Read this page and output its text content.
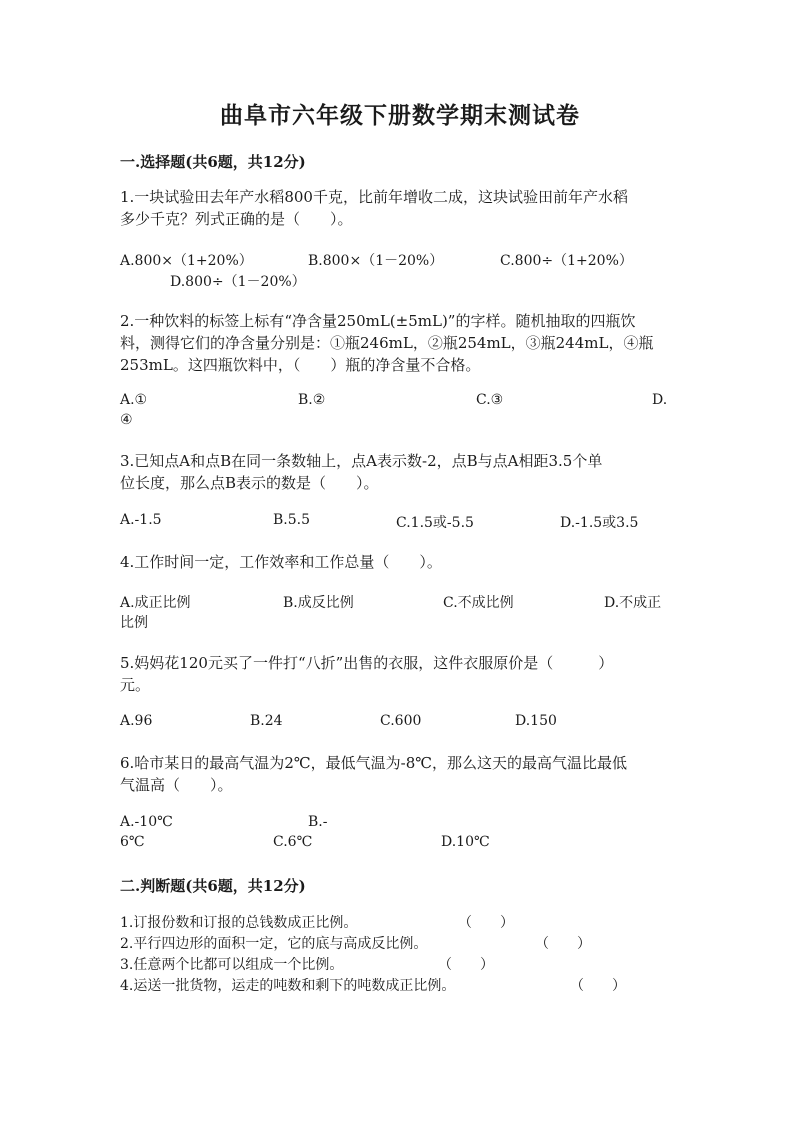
曲阜市六年级下册数学期末测试卷
一.选择题(共6题，共12分)
1.一块试验田去年产水稻800千克，比前年增收二成，这块试验田前年产水稻
多少千克？列式正确的是（　　）。
A.800×（1+20%）	B.800×（1－20%）	C.800÷（1+20%）
D.800÷（1－20%）
2.一种饮料的标签上标有“净含量250mL(±5mL)”的字样。随机抽取的四瓶饮
料，测得它们的净含量分别是：①瓶246mL，②瓶254mL，③瓶244mL，④瓶
253mL。这四瓶饮料中，（　　）瓶的净含量不合格。
A.①	B.②	C.③	D.
④
3.已知点A和点B在同一条数轴上，点A表示数-2，点B与点A相距3.5个单
位长度，那么点B表示的数是（　　）。
A.-1.5	B.5.5	C.1.5或-5.5	D.-1.5或3.5
4.工作时间一定，工作效率和工作总量（　　）。
A.成正比例	B.成反比例	C.不成比例	D.不成正
比例
5.妈妈花120元买了一件打“八折”出售的衣服，这件衣服原价是（　　　）
元。
A.96	B.24	C.600	D.150
6.哈市某日的最高气温为2℃，最低气温为-8℃，那么这天的最高气温比最低
气温高（　　）。
A.-10℃	B.-
6℃	C.6℃	D.10℃
二.判断题(共6题，共12分)
1.订报份数和订报的总钱数成正比例。	（　　）
2.平行四边形的面积一定，它的底与高成反比例。	（　　）
3.任意两个比都可以组成一个比例。	（　　）
4.运送一批货物，运走的吨数和剩下的吨数成正比例。	（　　）
